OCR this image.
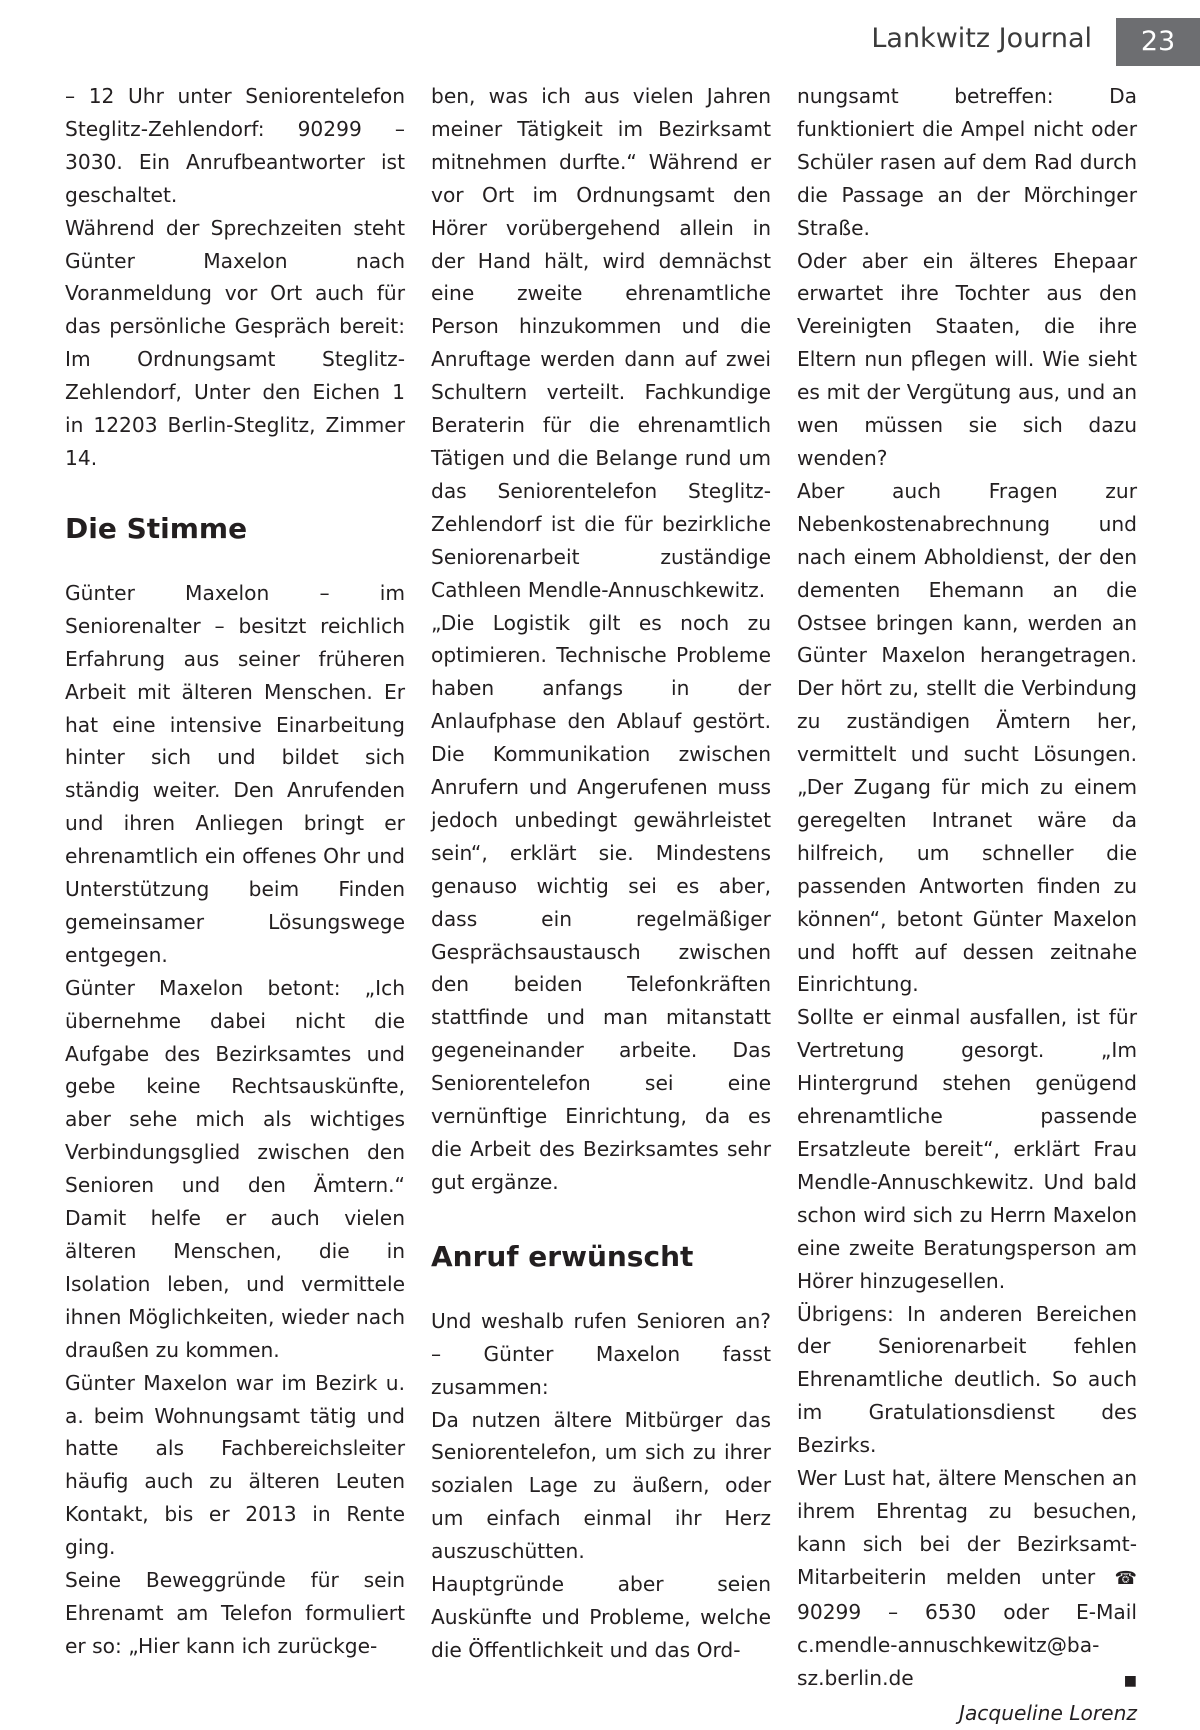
Lankwitz Journal	23

– 12 Uhr unter Seniorentelefon Steglitz-Zehlendorf: 90299 – 3030. Ein Anrufbeantworter ist geschaltet.

Während der Sprechzeiten steht Günter Maxelon nach Voranmeldung vor Ort auch für das persönliche Gespräch bereit: Im Ordnungsamt Steglitz-Zehlendorf, Unter den Eichen 1 in 12203 Berlin-Steglitz, Zimmer 14.

Die Stimme

Günter Maxelon – im Seniorenalter – besitzt reichlich Erfahrung aus seiner früheren Arbeit mit älteren Menschen. Er hat eine intensive Einarbeitung hinter sich und bildet sich ständig weiter. Den Anrufenden und ihren Anliegen bringt er ehrenamtlich ein offenes Ohr und Unterstützung beim Finden gemeinsamer Lösungswege entgegen.

Günter Maxelon betont: „Ich übernehme dabei nicht die Aufgabe des Bezirksamtes und gebe keine Rechtsauskünfte, aber sehe mich als wichtiges Verbindungsglied zwischen den Senioren und den Ämtern.“ Damit helfe er auch vielen älteren Menschen, die in Isolation leben, und vermittele ihnen Möglichkeiten, wieder nach draußen zu kommen.

Günter Maxelon war im Bezirk u. a. beim Wohnungsamt tätig und hatte als Fachbereichsleiter häufig auch zu älteren Leuten Kontakt, bis er 2013 in Rente ging.

Seine Beweggründe für sein Ehrenamt am Telefon formuliert er so: „Hier kann ich zurückge-

ben, was ich aus vielen Jahren meiner Tätigkeit im Bezirksamt mitnehmen durfte.“ Während er vor Ort im Ordnungsamt den Hörer vorübergehend allein in der Hand hält, wird demnächst eine zweite ehrenamtliche Person hinzukommen und die Anruftage werden dann auf zwei Schultern verteilt. Fachkundige Beraterin für die ehrenamtlich Tätigen und die Belange rund um das Seniorentelefon Steglitz-Zehlendorf ist die für bezirkliche Seniorenarbeit zuständige Cathleen Mendle-Annuschkewitz.

„Die Logistik gilt es noch zu optimieren. Technische Probleme haben anfangs in der Anlaufphase den Ablauf gestört. Die Kommunikation zwischen Anrufern und Angerufenen muss jedoch unbedingt gewährleistet sein“, erklärt sie. Mindestens genauso wichtig sei es aber, dass ein regelmäßiger Gesprächsaustausch zwischen den beiden Telefonkräften stattfinde und man mitanstatt gegeneinander arbeite. Das Seniorentelefon sei eine vernünftige Einrichtung, da es die Arbeit des Bezirksamtes sehr gut ergänze.

Anruf erwünscht

Und weshalb rufen Senioren an? – Günter Maxelon fasst zusammen:

Da nutzen ältere Mitbürger das Seniorentelefon, um sich zu ihrer sozialen Lage zu äußern, oder um einfach einmal ihr Herz auszuschütten.

Hauptgründe aber seien Auskünfte und Probleme, welche die Öffentlichkeit und das Ord-

nungsamt betreffen: Da funktioniert die Ampel nicht oder Schüler rasen auf dem Rad durch die Passage an der Mörchinger Straße.

Oder aber ein älteres Ehepaar erwartet ihre Tochter aus den Vereinigten Staaten, die ihre Eltern nun pflegen will. Wie sieht es mit der Vergütung aus, und an wen müssen sie sich dazu wenden?

Aber auch Fragen zur Nebenkostenabrechnung und nach einem Abholdienst, der den dementen Ehemann an die Ostsee bringen kann, werden an Günter Maxelon herangetragen. Der hört zu, stellt die Verbindung zu zuständigen Ämtern her, vermittelt und sucht Lösungen. „Der Zugang für mich zu einem geregelten Intranet wäre da hilfreich, um schneller die passenden Antworten finden zu können“, betont Günter Maxelon und hofft auf dessen zeitnahe Einrichtung.

Sollte er einmal ausfallen, ist für Vertretung gesorgt. „Im Hintergrund stehen genügend ehrenamtliche passende Ersatzleute bereit“, erklärt Frau Mendle-Annuschkewitz. Und bald schon wird sich zu Herrn Maxelon eine zweite Beratungsperson am Hörer hinzugesellen.

Übrigens: In anderen Bereichen der Seniorenarbeit fehlen Ehrenamtliche deutlich. So auch im Gratulationsdienst des Bezirks.

Wer Lust hat, ältere Menschen an ihrem Ehrentag zu besuchen, kann sich bei der Bezirksamt-Mitarbeiterin melden unter ☎ 90299 – 6530 oder E-Mail c.mendle-annuschkewitz@ba-

sz.berlin.de	■
Jacqueline Lorenz
